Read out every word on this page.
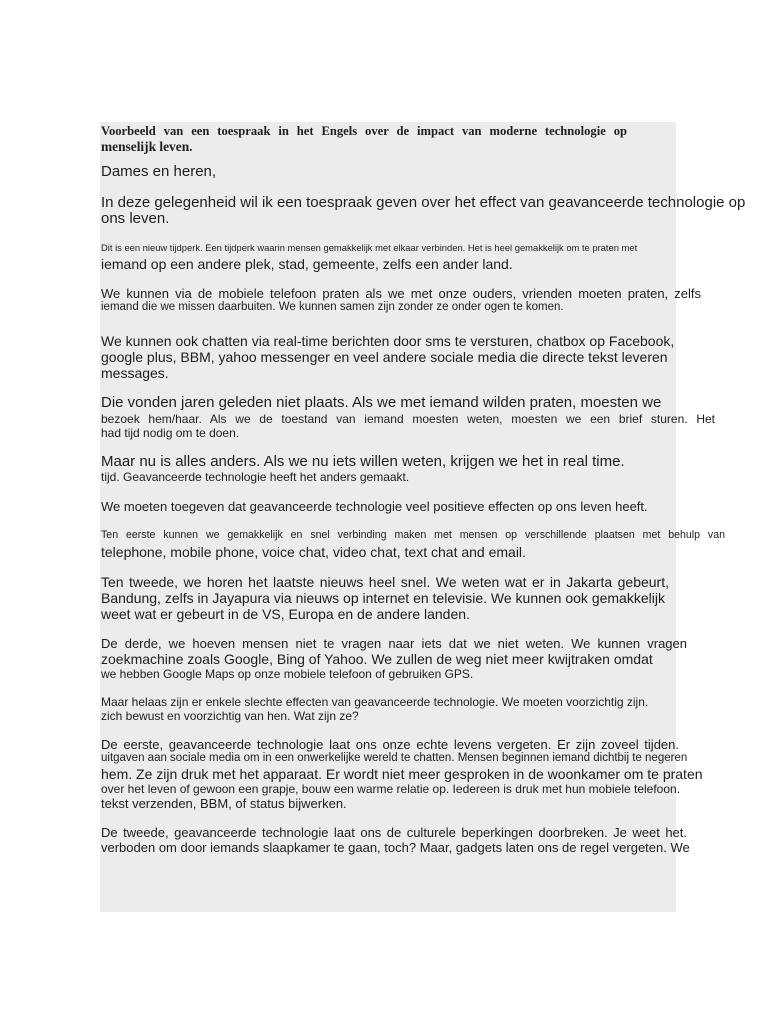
Voorbeeld van een toespraak in het Engels over de impact van moderne technologie op
menselijk leven.
Dames en heren,
In deze gelegenheid wil ik een toespraak geven over het effect van geavanceerde technologie op
ons leven.
Dit is een nieuw tijdperk. Een tijdperk waarin mensen gemakkelijk met elkaar verbinden. Het is heel gemakkelijk om te praten met
iemand op een andere plek, stad, gemeente, zelfs een ander land.
We kunnen via de mobiele telefoon praten als we met onze ouders, vrienden moeten praten, zelfs
iemand die we missen daarbuiten. We kunnen samen zijn zonder ze onder ogen te komen.
We kunnen ook chatten via real-time berichten door sms te versturen, chatbox op Facebook,
google plus, BBM, yahoo messenger en veel andere sociale media die directe tekst leveren
messages.
Die vonden jaren geleden niet plaats. Als we met iemand wilden praten, moesten we
bezoek hem/haar. Als we de toestand van iemand moesten weten, moesten we een brief sturen. Het
had tijd nodig om te doen.
Maar nu is alles anders. Als we nu iets willen weten, krijgen we het in real time.
tijd. Geavanceerde technologie heeft het anders gemaakt.
We moeten toegeven dat geavanceerde technologie veel positieve effecten op ons leven heeft.
Ten eerste kunnen we gemakkelijk en snel verbinding maken met mensen op verschillende plaatsen met behulp van
telephone, mobile phone, voice chat, video chat, text chat and email.
Ten tweede, we horen het laatste nieuws heel snel. We weten wat er in Jakarta gebeurt,
Bandung, zelfs in Jayapura via nieuws op internet en televisie. We kunnen ook gemakkelijk
weet wat er gebeurt in de VS, Europa en de andere landen.
De derde, we hoeven mensen niet te vragen naar iets dat we niet weten. We kunnen vragen
zoekmachine zoals Google, Bing of Yahoo. We zullen de weg niet meer kwijtraken omdat
we hebben Google Maps op onze mobiele telefoon of gebruiken GPS.
Maar helaas zijn er enkele slechte effecten van geavanceerde technologie. We moeten voorzichtig zijn.
zich bewust en voorzichtig van hen. Wat zijn ze?
De eerste, geavanceerde technologie laat ons onze echte levens vergeten. Er zijn zoveel tijden.
uitgaven aan sociale media om in een onwerkelijke wereld te chatten. Mensen beginnen iemand dichtbij te negeren
hem. Ze zijn druk met het apparaat. Er wordt niet meer gesproken in de woonkamer om te praten
over het leven of gewoon een grapje, bouw een warme relatie op. Iedereen is druk met hun mobiele telefoon.
tekst verzenden, BBM, of status bijwerken.
De tweede, geavanceerde technologie laat ons de culturele beperkingen doorbreken. Je weet het.
verboden om door iemands slaapkamer te gaan, toch? Maar, gadgets laten ons de regel vergeten. We
